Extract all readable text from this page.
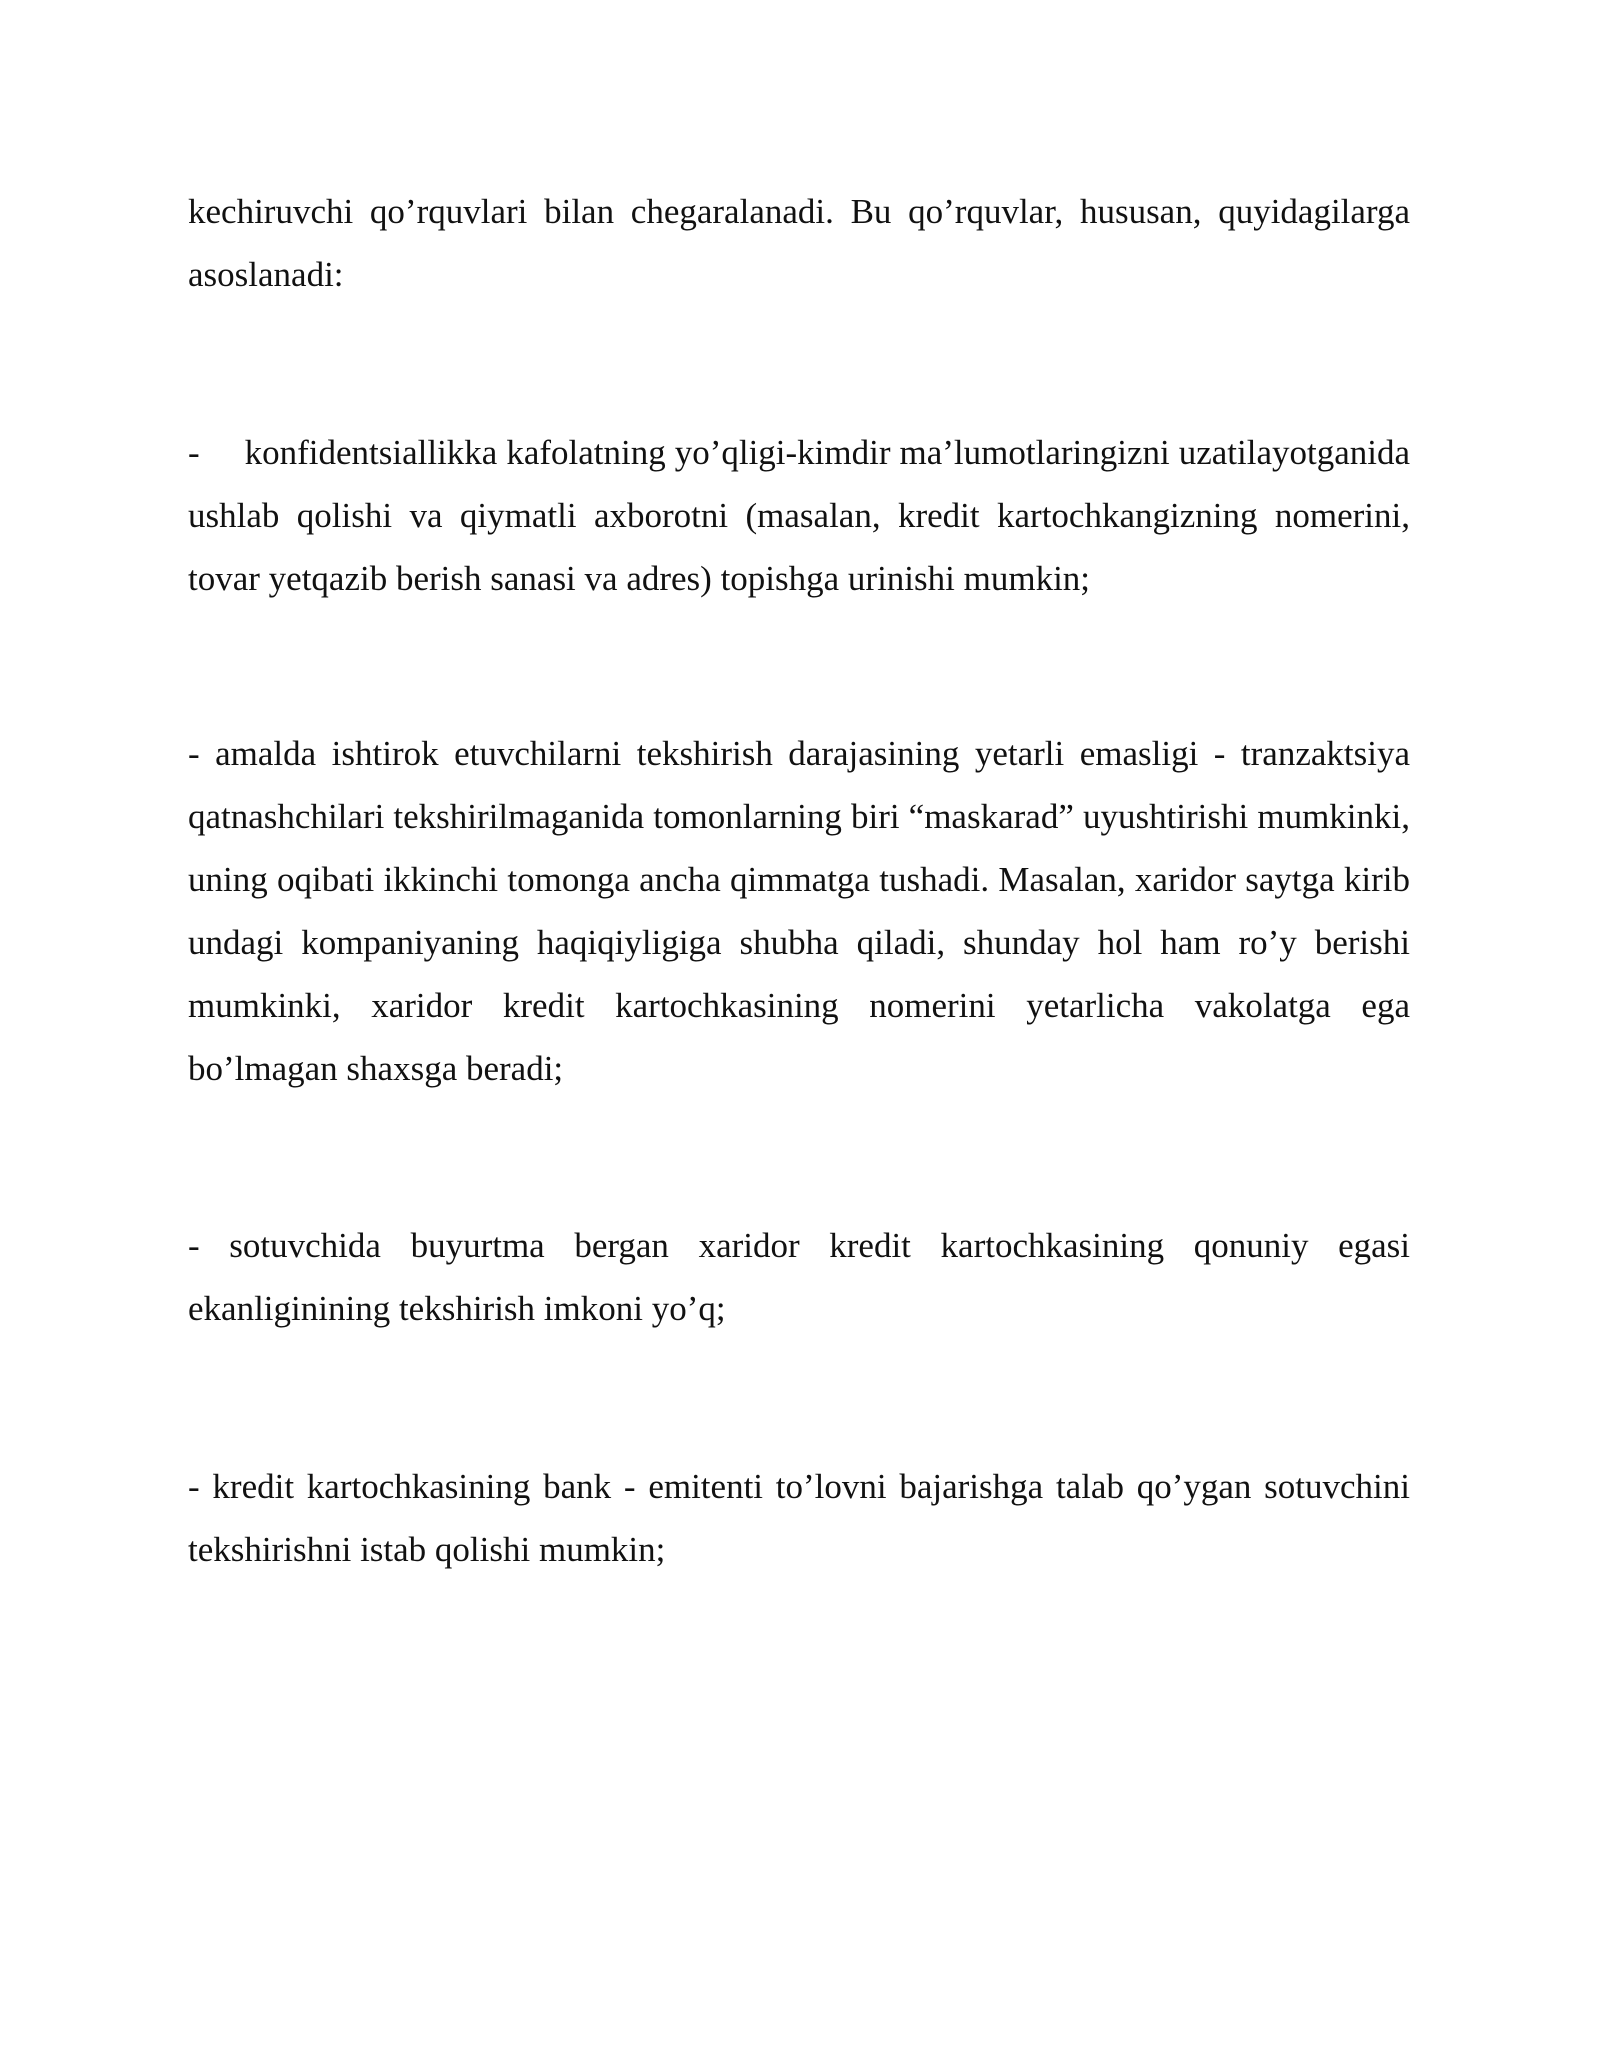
kechiruvchi qo’rquvlari bilan chegaralanadi. Bu qo’rquvlar, hususan, quyidagilarga asoslanadi:

-     konfidentsiallikka kafolatning yo’qligi-kimdir ma’lumotlaringizni uzatilayotganida ushlab qolishi va qiymatli axborotni (masalan, kredit kartochkangizning nomerini, tovar yetqazib berish sanasi va adres) topishga urinishi mumkin;

- amalda ishtirok etuvchilarni tekshirish darajasining yetarli emasligi - tranzaktsiya qatnashchilari tekshirilmaganida tomonlarning biri “maskarad” uyushtirishi mumkinki, uning oqibati ikkinchi tomonga ancha qimmatga tushadi. Masalan, xaridor saytga kirib undagi kompaniyaning haqiqiyligiga shubha qiladi, shunday hol ham ro’y berishi mumkinki, xaridor kredit kartochkasining nomerini yetarlicha vakolatga ega bo’lmagan shaxsga beradi;

- sotuvchida buyurtma bergan xaridor kredit kartochkasining qonuniy egasi ekanliginining tekshirish imkoni yo’q;

- kredit kartochkasining bank - emitenti to’lovni bajarishga talab qo’ygan sotuvchini tekshirishni istab qolishi mumkin;
